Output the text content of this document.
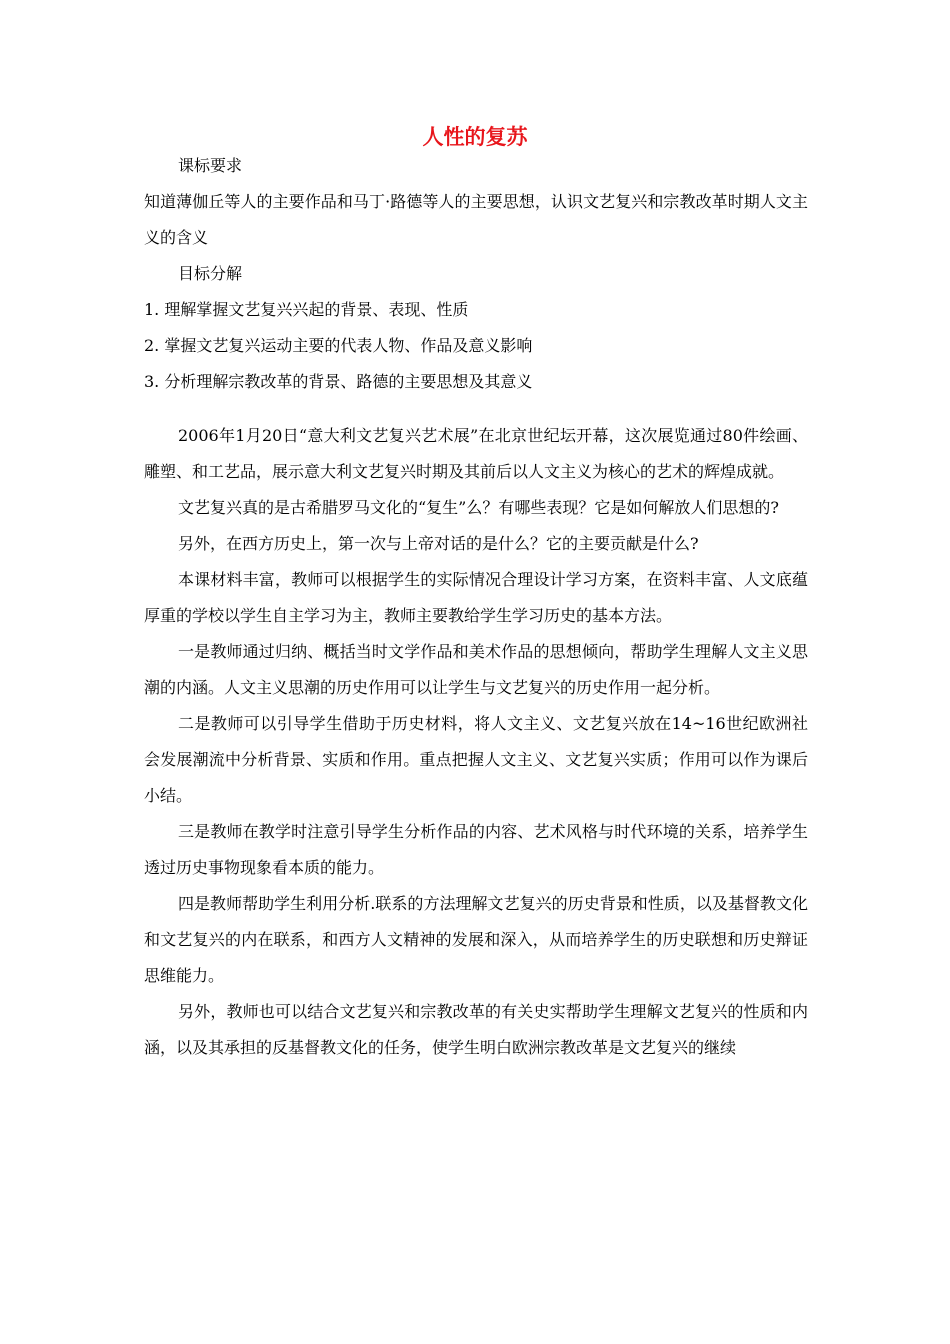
人性的复苏

课标要求

知道薄伽丘等人的主要作品和马丁·路德等人的主要思想，认识文艺复兴和宗教改革时期人文主义的含义

目标分解

1. 理解掌握文艺复兴兴起的背景、表现、性质

2. 掌握文艺复兴运动主要的代表人物、作品及意义影响

3. 分析理解宗教改革的背景、路德的主要思想及其意义

2006年1月20日“意大利文艺复兴艺术展”在北京世纪坛开幕，这次展览通过80件绘画、雕塑、和工艺品，展示意大利文艺复兴时期及其前后以人文主义为核心的艺术的辉煌成就。

文艺复兴真的是古希腊罗马文化的“复生”么？有哪些表现？它是如何解放人们思想的?

另外，在西方历史上，第一次与上帝对话的是什么？它的主要贡献是什么?

本课材料丰富，教师可以根据学生的实际情况合理设计学习方案，在资料丰富、人文底蕴厚重的学校以学生自主学习为主，教师主要教给学生学习历史的基本方法。

一是教师通过归纳、概括当时文学作品和美术作品的思想倾向，帮助学生理解人文主义思潮的内涵。人文主义思潮的历史作用可以让学生与文艺复兴的历史作用一起分析。

二是教师可以引导学生借助于历史材料，将人文主义、文艺复兴放在14~16世纪欧洲社会发展潮流中分析背景、实质和作用。重点把握人文主义、文艺复兴实质；作用可以作为课后小结。

三是教师在教学时注意引导学生分析作品的内容、艺术风格与时代环境的关系，培养学生透过历史事物现象看本质的能力。

四是教师帮助学生利用分析.联系的方法理解文艺复兴的历史背景和性质，以及基督教文化和文艺复兴的内在联系，和西方人文精神的发展和深入，从而培养学生的历史联想和历史辩证思维能力。

另外，教师也可以结合文艺复兴和宗教改革的有关史实帮助学生理解文艺复兴的性质和内涵，以及其承担的反基督教文化的任务，使学生明白欧洲宗教改革是文艺复兴的继续
